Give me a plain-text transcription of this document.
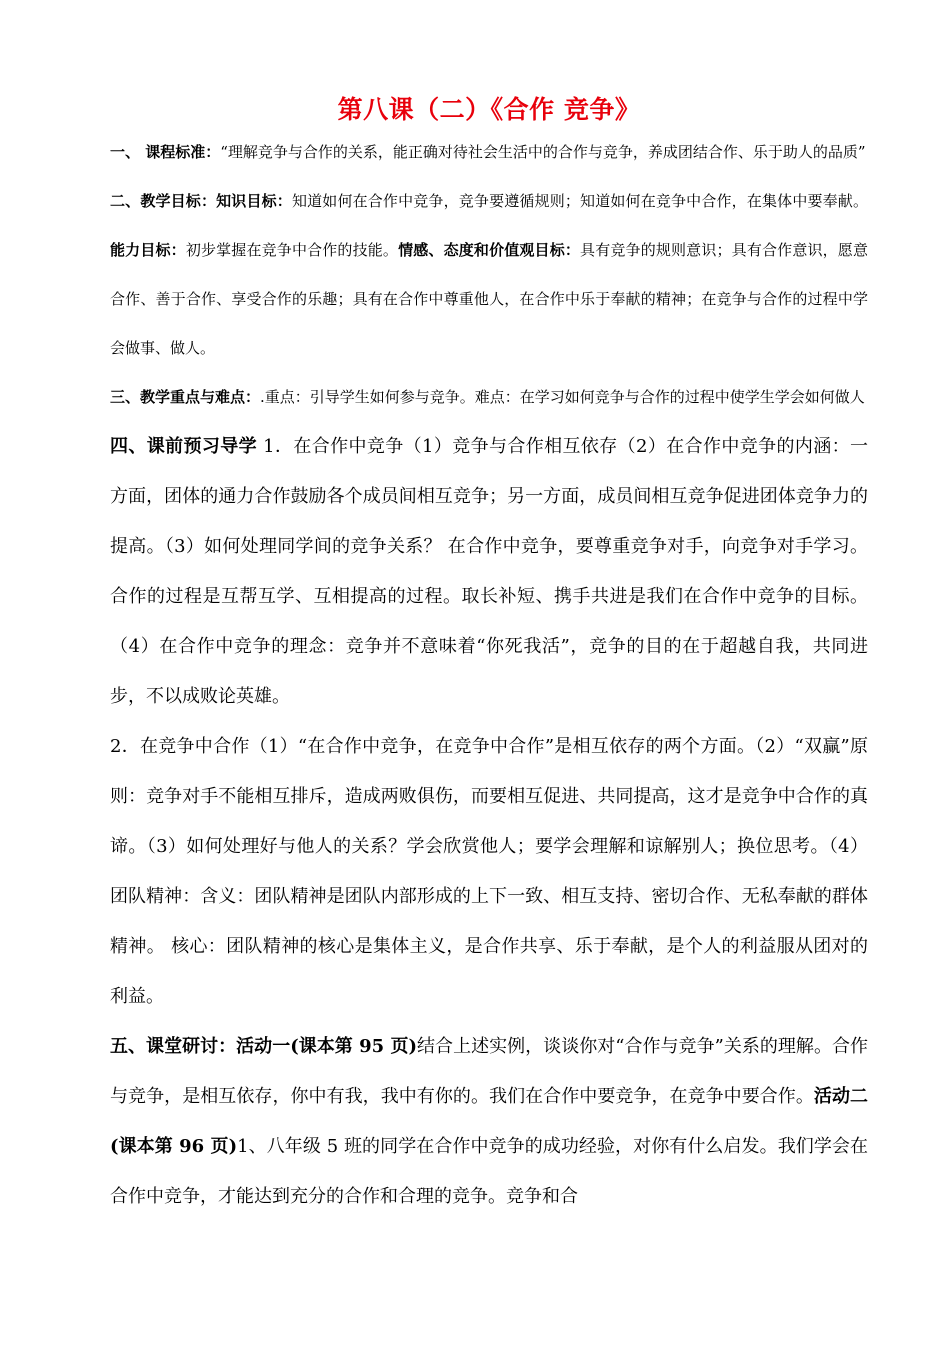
第八课（二）《合作 竞争》

一、 课程标准：“理解竞争与合作的关系，能正确对待社会生活中的合作与竞争，养成团结合作、乐于助人的品质”

二、教学目标：知识目标：知道如何在合作中竞争，竞争要遵循规则；知道如何在竞争中合作，在集体中要奉献。能力目标：初步掌握在竞争中合作的技能。情感、态度和价值观目标：具有竞争的规则意识；具有合作意识，愿意合作、善于合作、享受合作的乐趣；具有在合作中尊重他人，在合作中乐于奉献的精神；在竞争与合作的过程中学会做事、做人。

三、教学重点与难点：.重点：引导学生如何参与竞争。难点：在学习如何竞争与合作的过程中使学生学会如何做人

四、课前预习导学 1．在合作中竞争（1）竞争与合作相互依存（2）在合作中竞争的内涵：一方面，团体的通力合作鼓励各个成员间相互竞争；另一方面，成员间相互竞争促进团体竞争力的提高。（3）如何处理同学间的竞争关系？ 在合作中竞争，要尊重竞争对手，向竞争对手学习。合作的过程是互帮互学、互相提高的过程。取长补短、携手共进是我们在合作中竞争的目标。（4）在合作中竞争的理念：竞争并不意味着“你死我活”，竞争的目的在于超越自我，共同进步，不以成败论英雄。

2．在竞争中合作（1）“在合作中竞争，在竞争中合作”是相互依存的两个方面。（2）“双赢”原则：竞争对手不能相互排斥，造成两败俱伤，而要相互促进、共同提高，这才是竞争中合作的真谛。（3）如何处理好与他人的关系？学会欣赏他人；要学会理解和谅解别人；换位思考。（4）团队精神：含义：团队精神是团队内部形成的上下一致、相互支持、密切合作、无私奉献的群体精神。 核心：团队精神的核心是集体主义，是合作共享、乐于奉献，是个人的利益服从团对的利益。

五、课堂研讨：活动一(课本第 95 页)结合上述实例，谈谈你对“合作与竞争”关系的理解。合作与竞争，是相互依存，你中有我，我中有你的。我们在合作中要竞争，在竞争中要合作。活动二(课本第 96 页)1、八年级 5 班的同学在合作中竞争的成功经验，对你有什么启发。我们学会在合作中竞争，才能达到充分的合作和合理的竞争。竞争和合
